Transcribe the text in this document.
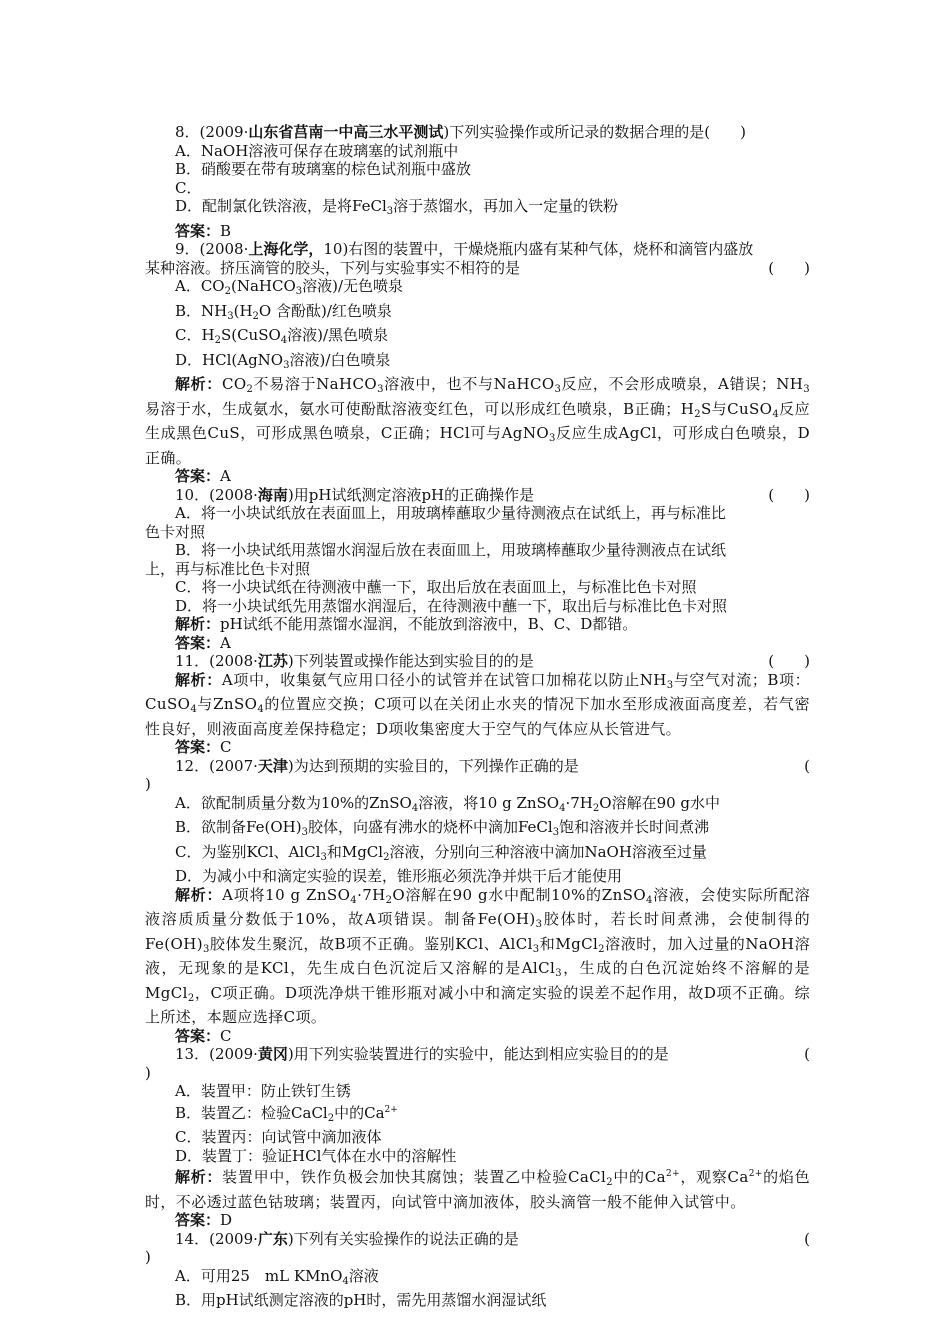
8．(2009·山东省莒南一中高三水平测试)下列实验操作或所记录的数据合理的是(　　)

A．NaOH溶液可保存在玻璃塞的试剂瓶中

B．硝酸要在带有玻璃塞的棕色试剂瓶中盛放

C．

D．配制氯化铁溶液，是将FeCl$_3$溶于蒸馏水，再加入一定量的铁粉

答案：B

9．(2008·上海化学，10)右图的装置中，干燥烧瓶内盛有某种气体，烧杯和滴管内盛放

某种溶液。挤压滴管的胶头，下列与实验事实不相符的是	(　　)

A．$CO_2(NaHCO_3$溶液)/无色喷泉

B．$NH_3(H_2O$ 含酚酞)/红色喷泉

C．$H_2S(CuSO_4$溶液)/黑色喷泉

D．HCl(AgNO$_3$溶液)/白色喷泉

解析：$CO_2$不易溶于NaHCO$_3$溶液中，也不与NaHCO$_3$反应，不会形成喷泉，A错误；$NH_3$易溶于水，生成氨水，氨水可使酚酞溶液变红色，可以形成红色喷泉，B正确；$H_2S$与CuSO$_4$反应生成黑色CuS，可形成黑色喷泉，C正确；HCl可与AgNO$_3$反应生成AgCl，可形成白色喷泉，D正确。

答案：A

10．(2008·海南)用pH试纸测定溶液pH的正确操作是	(　　)

A．将一小块试纸放在表面皿上，用玻璃棒蘸取少量待测液点在试纸上，再与标准比

色卡对照

B．将一小块试纸用蒸馏水润湿后放在表面皿上，用玻璃棒蘸取少量待测液点在试纸

上，再与标准比色卡对照

C．将一小块试纸在待测液中蘸一下，取出后放在表面皿上，与标准比色卡对照

D．将一小块试纸先用蒸馏水润湿后，在待测液中蘸一下，取出后与标准比色卡对照

解析：pH试纸不能用蒸馏水湿润，不能放到溶液中，B、C、D都错。

答案：A

11．(2008·江苏)下列装置或操作能达到实验目的的是	(　　)

解析：A项中，收集氨气应用口径小的试管并在试管口加棉花以防止$NH_3$与空气对流；B项：CuSO$_4$与ZnSO$_4$的位置应交换；C项可以在关闭止水夹的情况下加水至形成液面高度差，若气密性良好，则液面高度差保持稳定；D项收集密度大于空气的气体应从长管进气。

答案：C

12．(2007·天津)为达到预期的实验目的，下列操作正确的是	(

)

A．欲配制质量分数为10%的ZnSO$_4$溶液，将10 g $ZnSO_4\cdot 7H_2O$溶解在90 g水中

B．欲制备$Fe(OH)_3$胶体，向盛有沸水的烧杯中滴加FeCl$_3$饱和溶液并长时间煮沸

C．为鉴别KCl、AlCl$_3$和MgCl$_2$溶液，分别向三种溶液中滴加NaOH溶液至过量

D．为减小中和滴定实验的误差，锥形瓶必须洗净并烘干后才能使用

解析：A项将10 g $ZnSO_4\cdot 7H_2O$溶解在90 g水中配制10%的ZnSO$_4$溶液，会使实际所配溶液溶质质量分数低于10%，故A项错误。制备$Fe(OH)_3$胶体时，若长时间煮沸，会使制得的$Fe(OH)_3$胶体发生聚沉，故B项不正确。鉴别KCl、AlCl$_3$和MgCl$_2$溶液时，加入过量的NaOH溶液，无现象的是KCl，先生成白色沉淀后又溶解的是AlCl$_3$，生成的白色沉淀始终不溶解的是MgCl$_2$，C项正确。D项洗净烘干锥形瓶对减小中和滴定实验的误差不起作用，故D项不正确。综上所述，本题应选择C项。

答案：C

13．(2009·黄冈)用下列实验装置进行的实验中，能达到相应实验目的的是	(

)

A．装置甲：防止铁钉生锈

B．装置乙：检验CaCl$_2$中的$Ca^{2+}$

C．装置丙：向试管中滴加液体

D．装置丁：验证HCl气体在水中的溶解性

解析：装置甲中，铁作负极会加快其腐蚀；装置乙中检验CaCl$_2$中的$Ca^{2+}$，观察$Ca^{2+}$的焰色时，不必透过蓝色钴玻璃；装置丙，向试管中滴加液体，胶头滴管一般不能伸入试管中。

答案：D

14．(2009·广东)下列有关实验操作的说法正确的是	(

)

A．可用25　mL KMnO$_4$溶液

B．用pH试纸测定溶液的pH时，需先用蒸馏水润湿试纸
